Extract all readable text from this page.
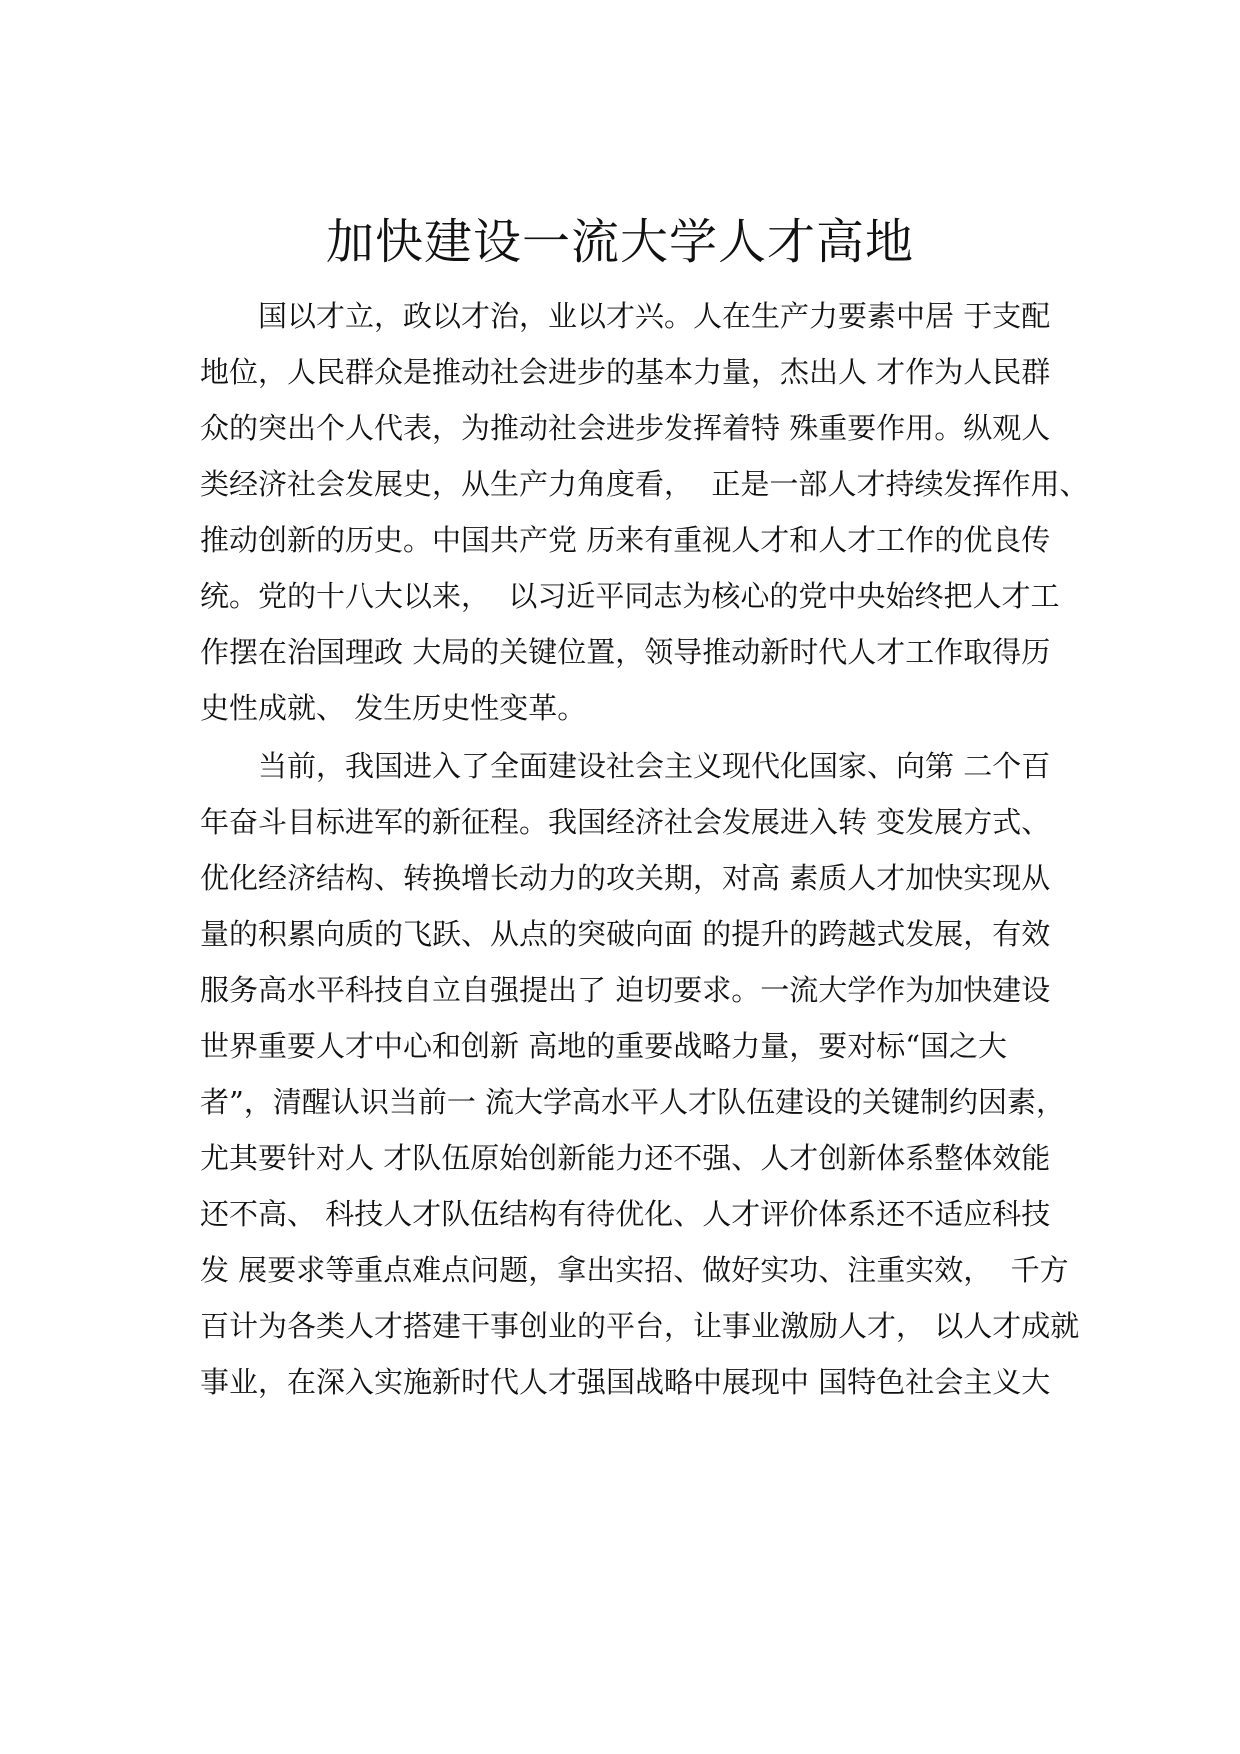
加快建设一流大学人才高地

　　国以才立，政以才治，业以才兴。人在生产力要素中居 于支配

地位，人民群众是推动社会进步的基本力量，杰出人 才作为人民群

众的突出个人代表，为推动社会进步发挥着特 殊重要作用。纵观人

类经济社会发展史，从生产力角度看，  正是一部人才持续发挥作用、

推动创新的历史。中国共产党 历来有重视人才和人才工作的优良传

统。党的十八大以来，  以习近平同志为核心的党中央始终把人才工

作摆在治国理政 大局的关键位置，领导推动新时代人才工作取得历

史性成就、 发生历史性变革。

　　当前，我国进入了全面建设社会主义现代化国家、向第 二个百

年奋斗目标进军的新征程。我国经济社会发展进入转 变发展方式、

优化经济结构、转换增长动力的攻关期，对高 素质人才加快实现从

量的积累向质的飞跃、从点的突破向面 的提升的跨越式发展，有效

服务高水平科技自立自强提出了 迫切要求。一流大学作为加快建设

世界重要人才中心和创新 高地的重要战略力量，要对标“国之大

者”，清醒认识当前一 流大学高水平人才队伍建设的关键制约因素，

尤其要针对人 才队伍原始创新能力还不强、人才创新体系整体效能

还不高、 科技人才队伍结构有待优化、人才评价体系还不适应科技

发 展要求等重点难点问题，拿出实招、做好实功、注重实效，  千方

百计为各类人才搭建干事创业的平台，让事业激励人才， 以人才成就

事业，在深入实施新时代人才强国战略中展现中 国特色社会主义大
